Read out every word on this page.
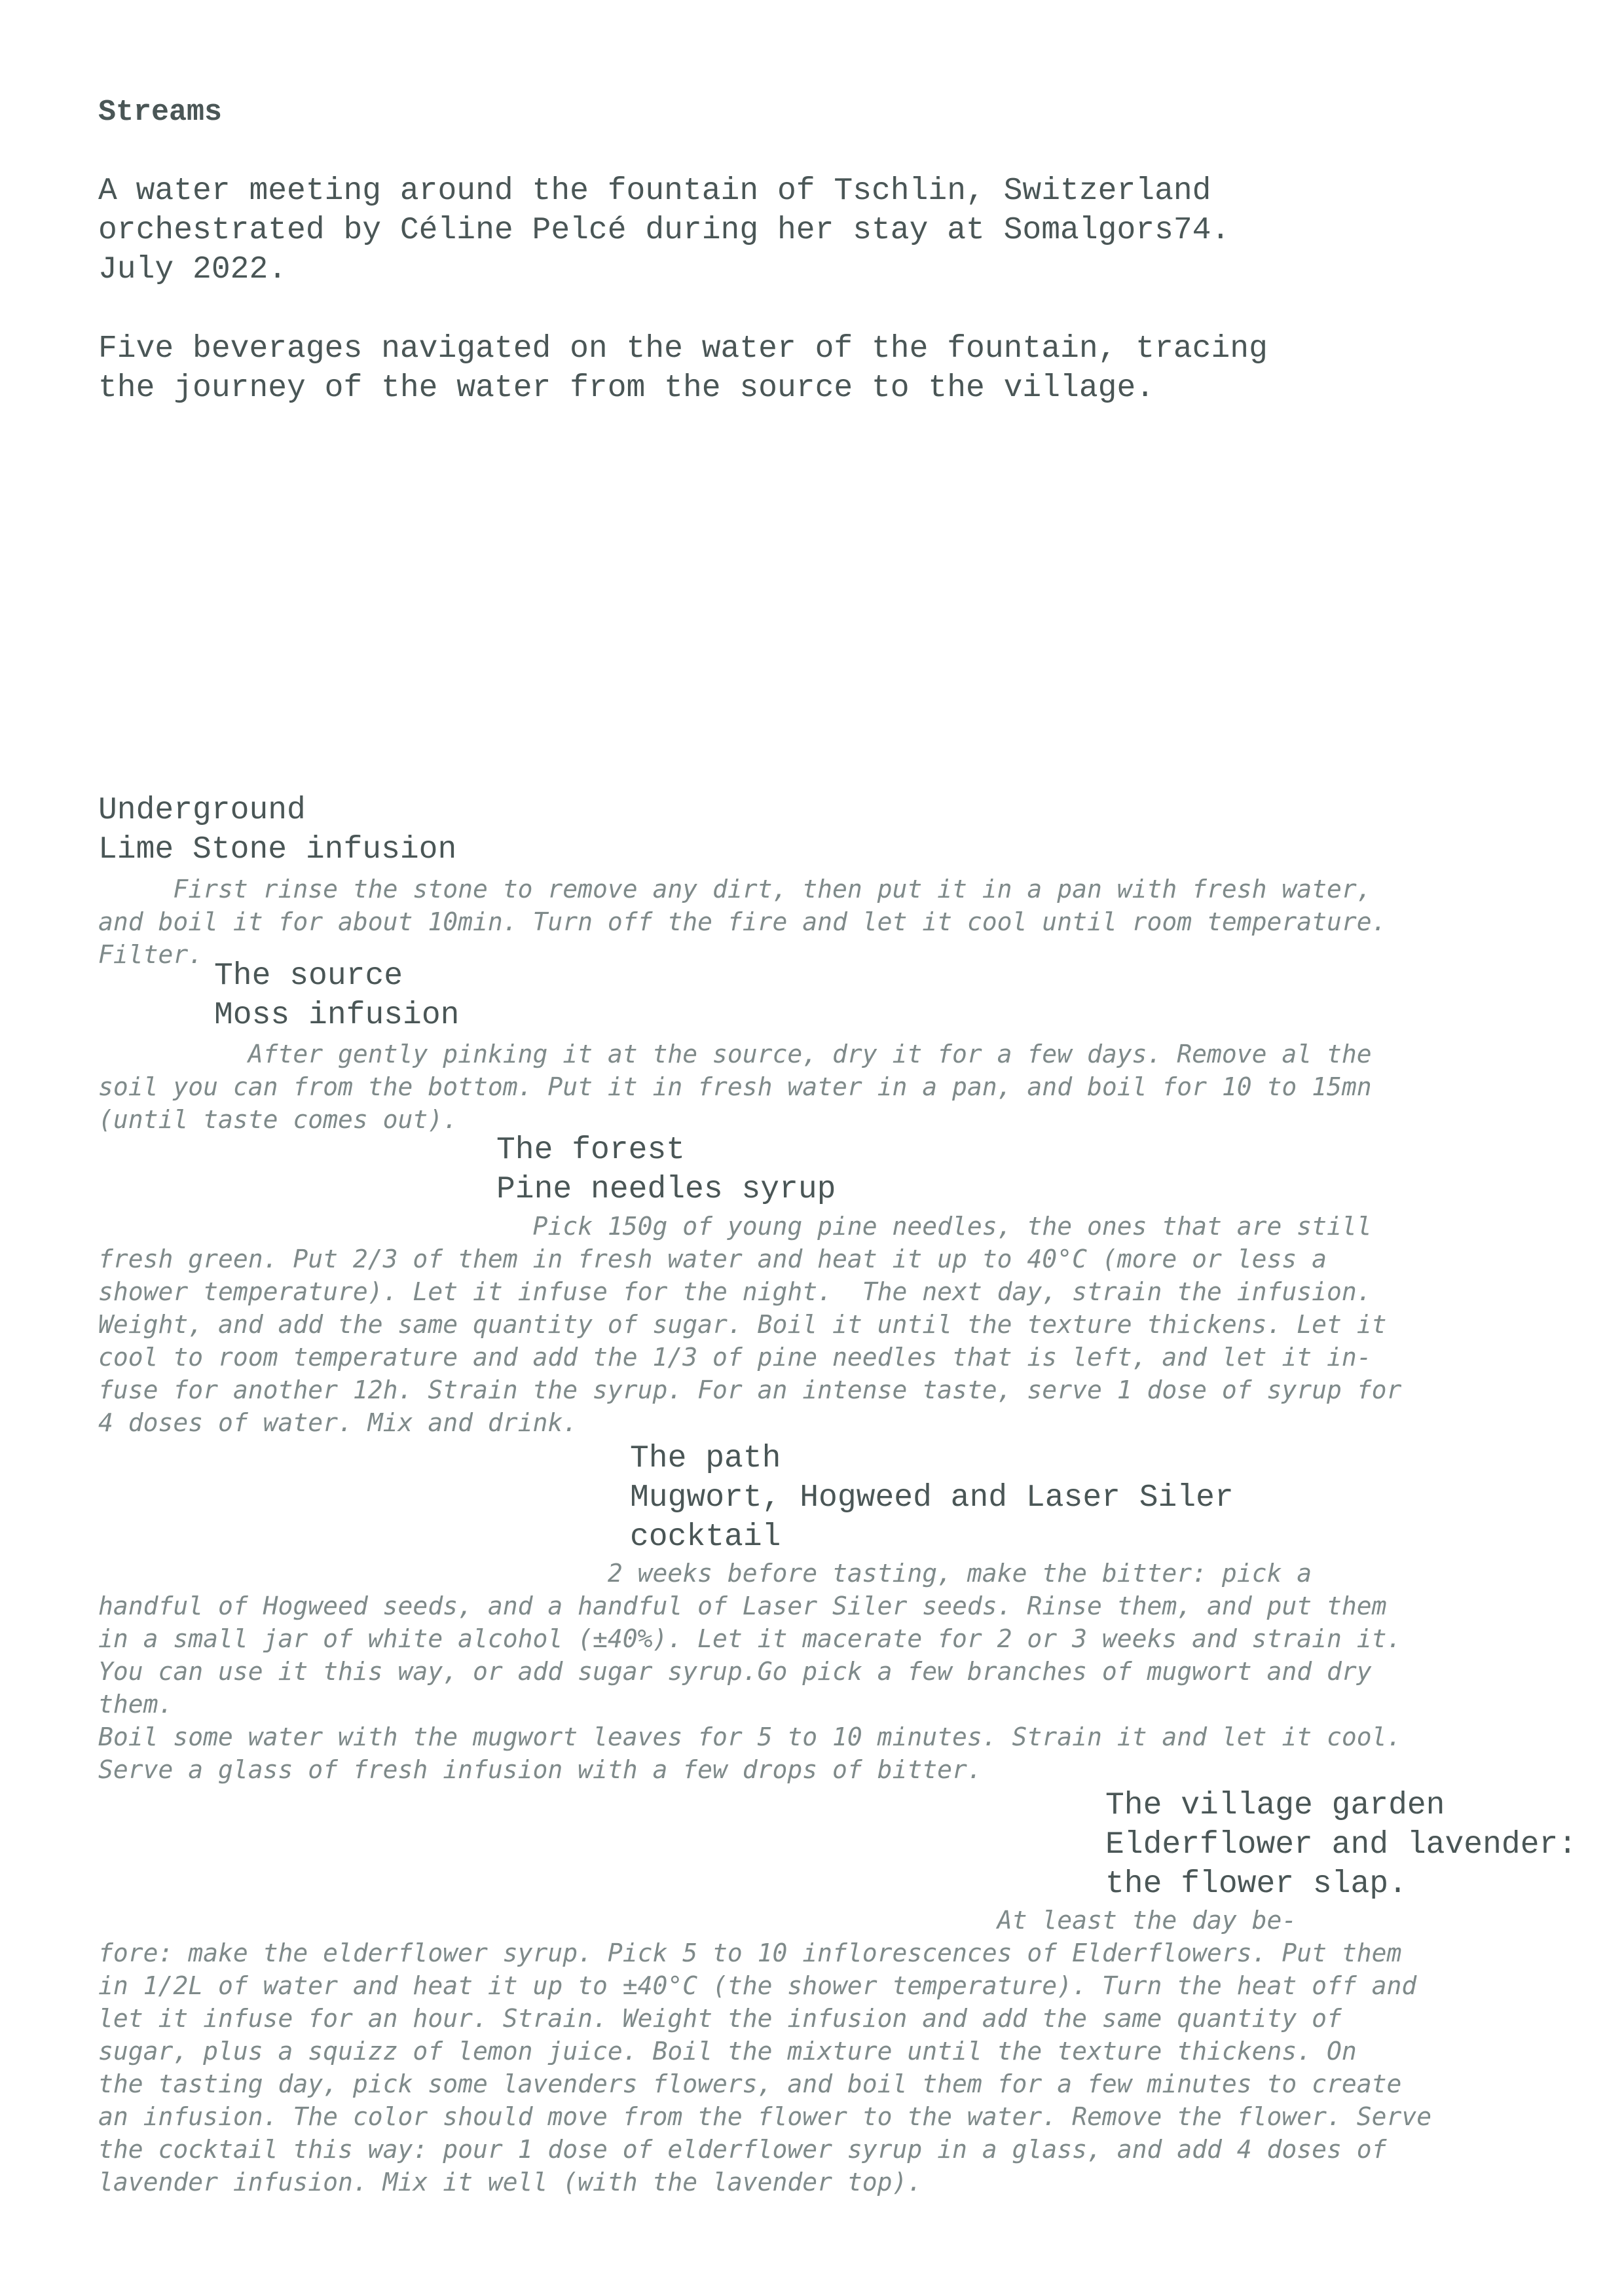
Streams
A water meeting around the fountain of Tschlin, Switzerland
orchestrated by Céline Pelcé during her stay at Somalgors74.
July 2022.
Five beverages navigated on the water of the fountain, tracing
the journey of the water from the source to the village.
Underground
Lime Stone infusion
First rinse the stone to remove any dirt, then put it in a pan with fresh water,
and boil it for about 10min. Turn off the fire and let it cool until room temperature.
Filter.
The source
Moss infusion
After gently pinking it at the source, dry it for a few days. Remove al the
soil you can from the bottom. Put it in fresh water in a pan, and boil for 10 to 15mn
(until taste comes out).
The forest
Pine needles syrup
Pick 150g of young pine needles, the ones that are still
fresh green. Put 2/3 of them in fresh water and heat it up to 40°C (more or less a
shower temperature). Let it infuse for the night.  The next day, strain the infusion.
Weight, and add the same quantity of sugar. Boil it until the texture thickens. Let it
cool to room temperature and add the 1/3 of pine needles that is left, and let it in-
fuse for another 12h. Strain the syrup. For an intense taste, serve 1 dose of syrup for
4 doses of water. Mix and drink.
The path
Mugwort, Hogweed and Laser Siler
cocktail
2 weeks before tasting, make the bitter: pick a
handful of Hogweed seeds, and a handful of Laser Siler seeds. Rinse them, and put them
in a small jar of white alcohol (±40%). Let it macerate for 2 or 3 weeks and strain it.
You can use it this way, or add sugar syrup.Go pick a few branches of mugwort and dry
them.
Boil some water with the mugwort leaves for 5 to 10 minutes. Strain it and let it cool.
Serve a glass of fresh infusion with a few drops of bitter.
The village garden
Elderflower and lavender:
the flower slap.
At least the day be-
fore: make the elderflower syrup. Pick 5 to 10 inflorescences of Elderflowers. Put them
in 1/2L of water and heat it up to ±40°C (the shower temperature). Turn the heat off and
let it infuse for an hour. Strain. Weight the infusion and add the same quantity of
sugar, plus a squizz of lemon juice. Boil the mixture until the texture thickens. On
the tasting day, pick some lavenders flowers, and boil them for a few minutes to create
an infusion. The color should move from the flower to the water. Remove the flower. Serve
the cocktail this way: pour 1 dose of elderflower syrup in a glass, and add 4 doses of
lavender infusion. Mix it well (with the lavender top).
